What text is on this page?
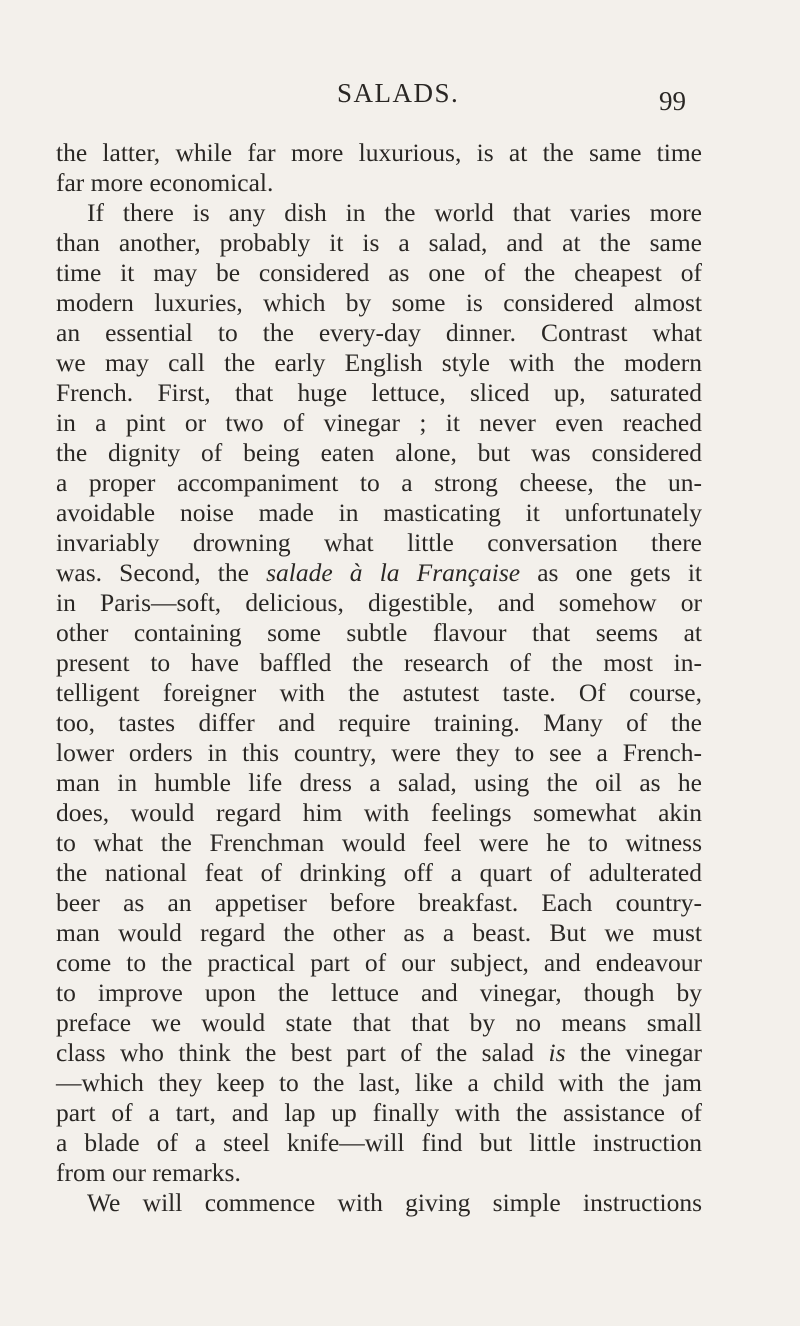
SALADS.	99
the latter, while far more luxurious, is at the same time
far more economical.
If there is any dish in the world that varies more
than another, probably it is a salad, and at the same
time it may be considered as one of the cheapest of
modern luxuries, which by some is considered almost
an essential to the every-day dinner. Contrast what
we may call the early English style with the modern
French. First, that huge lettuce, sliced up, saturated
in a pint or two of vinegar ; it never even reached
the dignity of being eaten alone, but was considered
a proper accompaniment to a strong cheese, the un-
avoidable noise made in masticating it unfortunately
invariably drowning what little conversation there
was. Second, the salade à la Française as one gets it
in Paris—soft, delicious, digestible, and somehow or
other containing some subtle flavour that seems at
present to have baffled the research of the most in-
telligent foreigner with the astutest taste. Of course,
too, tastes differ and require training. Many of the
lower orders in this country, were they to see a French-
man in humble life dress a salad, using the oil as he
does, would regard him with feelings somewhat akin
to what the Frenchman would feel were he to witness
the national feat of drinking off a quart of adulterated
beer as an appetiser before breakfast. Each country-
man would regard the other as a beast. But we must
come to the practical part of our subject, and endeavour
to improve upon the lettuce and vinegar, though by
preface we would state that that by no means small
class who think the best part of the salad is the vinegar
—which they keep to the last, like a child with the jam
part of a tart, and lap up finally with the assistance of
a blade of a steel knife—will find but little instruction
from our remarks.
We will commence with giving simple instructions
